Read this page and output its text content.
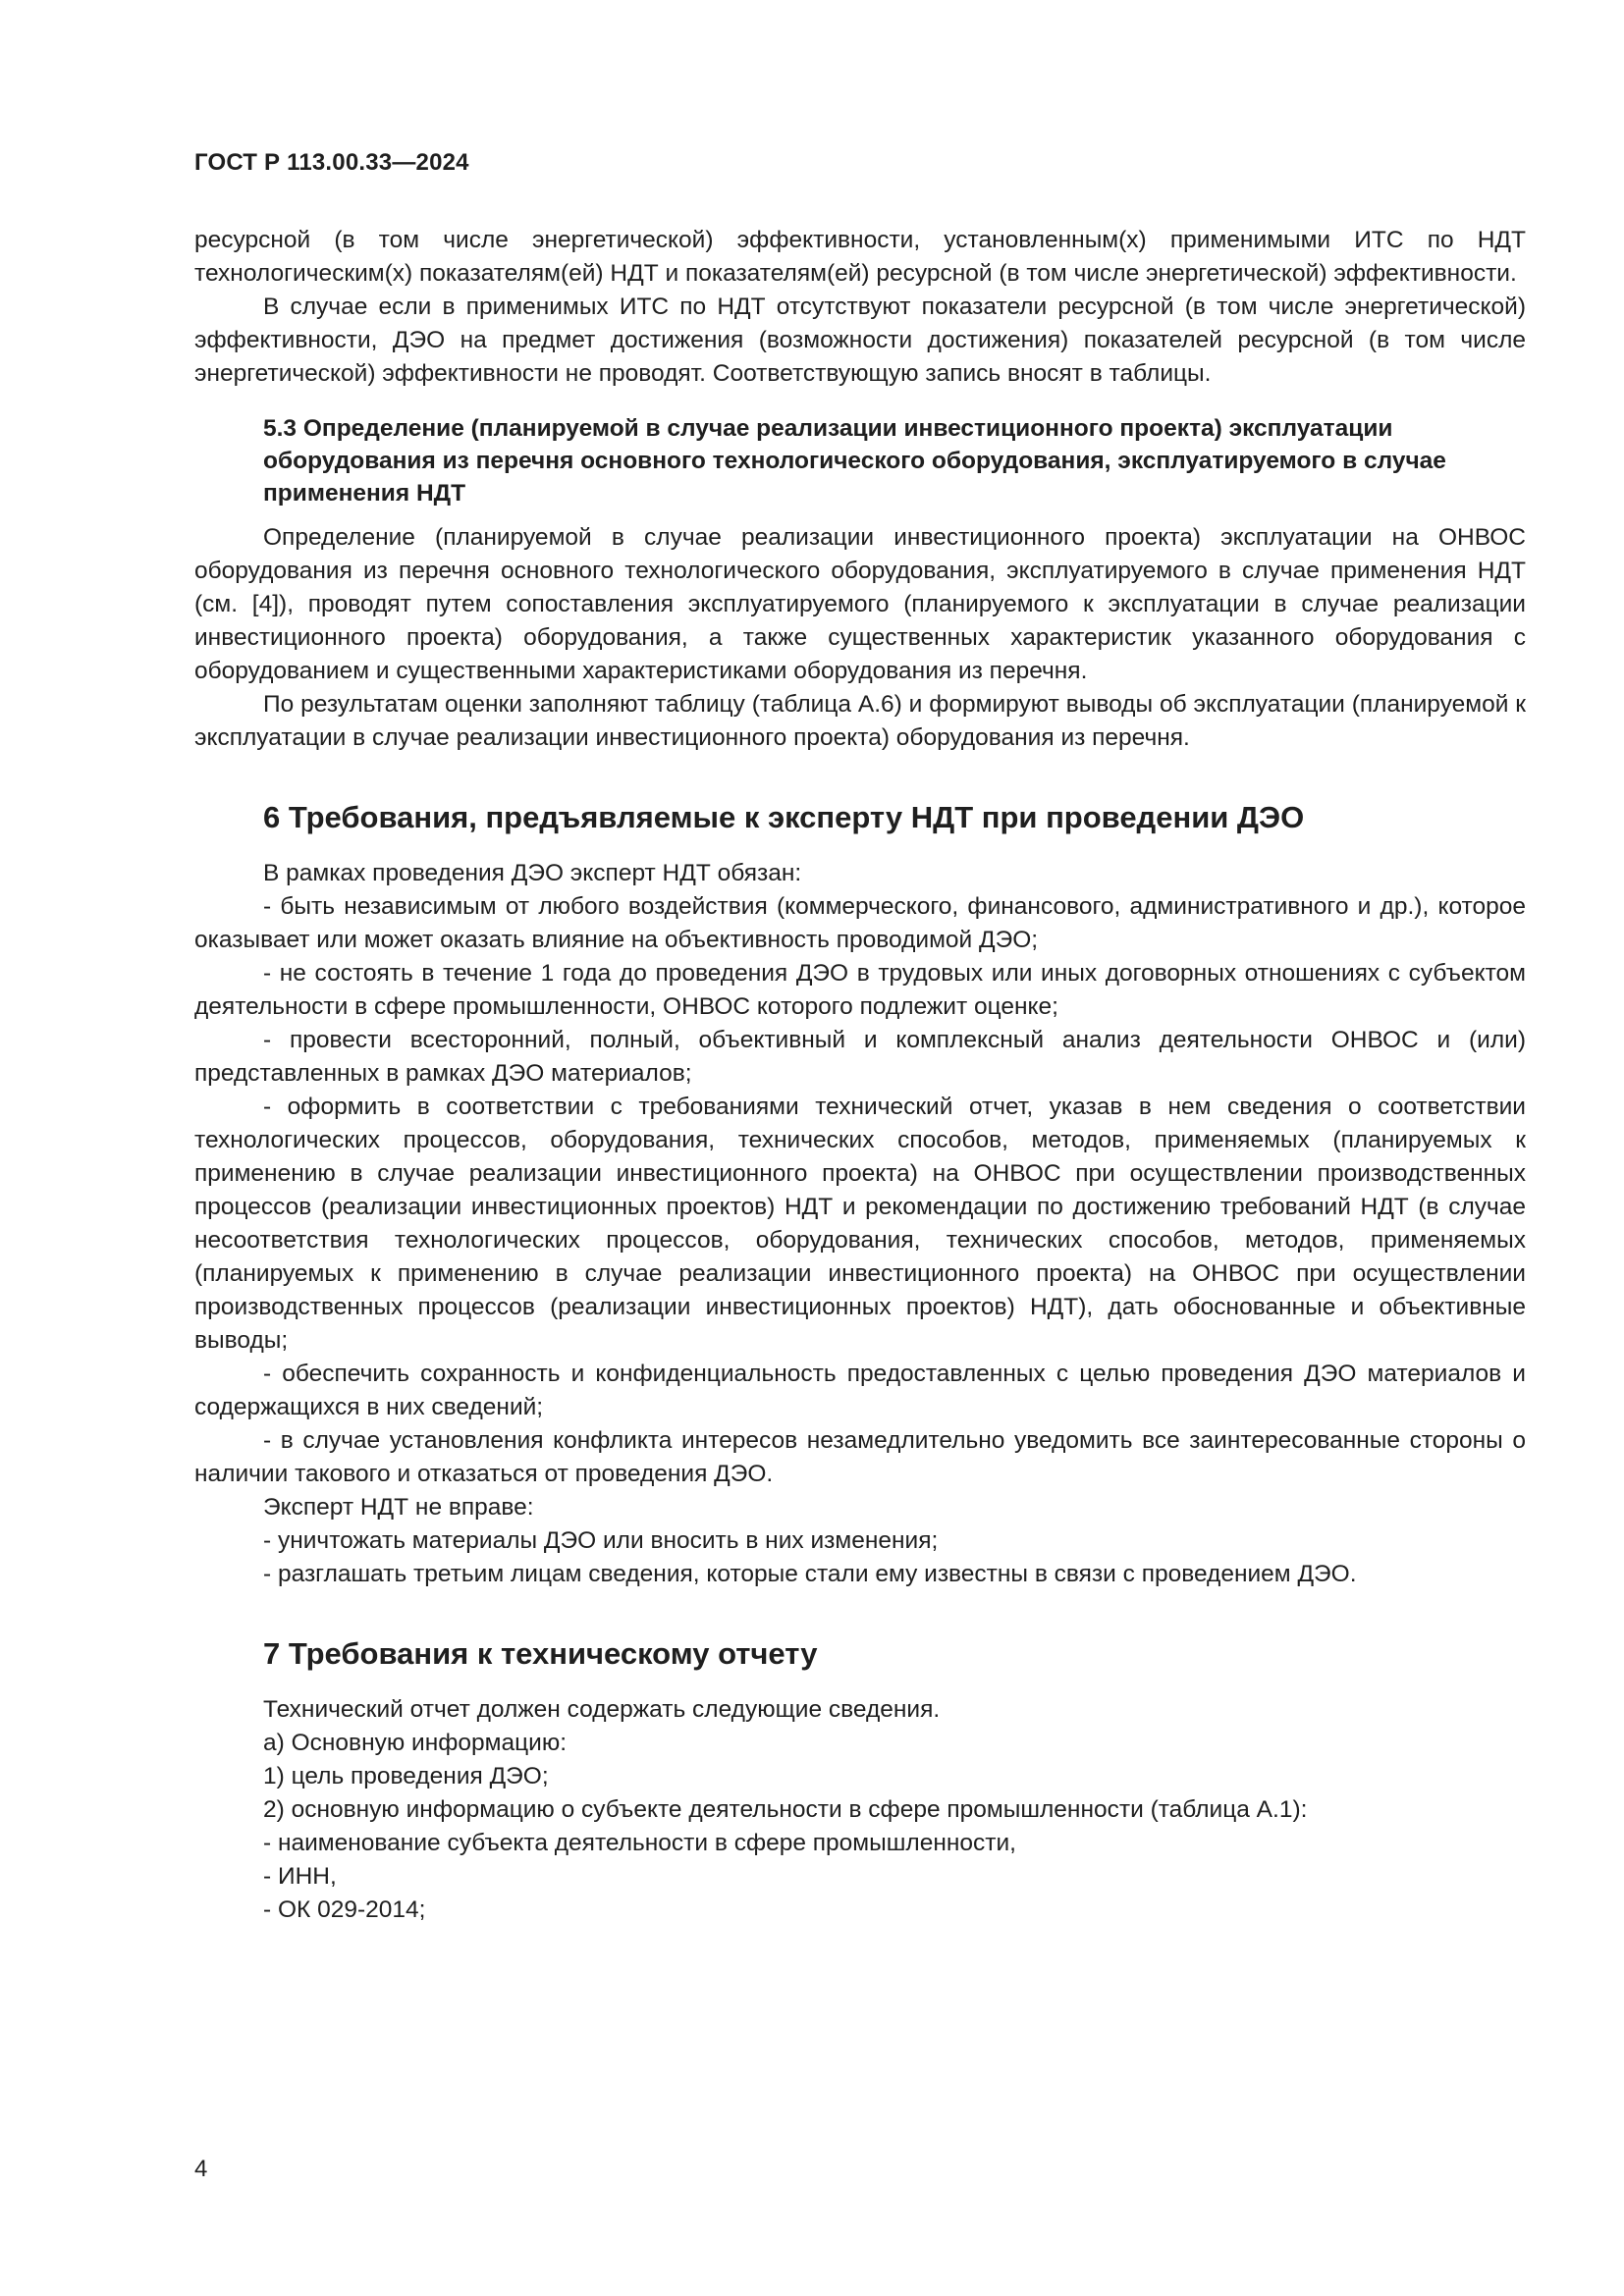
ГОСТ Р 113.00.33—2024

ресурсной (в том числе энергетической) эффективности, установленным(х) применимыми ИТС по НДТ технологическим(х) показателям(ей) НДТ и показателям(ей) ресурсной (в том числе энергетической) эффективности.

В случае если в применимых ИТС по НДТ отсутствуют показатели ресурсной (в том числе энергетической) эффективности, ДЭО на предмет достижения (возможности достижения) показателей ресурсной (в том числе энергетической) эффективности не проводят. Соответствующую запись вносят в таблицы.

5.3 Определение (планируемой в случае реализации инвестиционного проекта) эксплуатации оборудования из перечня основного технологического оборудования, эксплуатируемого в случае применения НДТ

Определение (планируемой в случае реализации инвестиционного проекта) эксплуатации на ОНВОС оборудования из перечня основного технологического оборудования, эксплуатируемого в случае применения НДТ (см. [4]), проводят путем сопоставления эксплуатируемого (планируемого к эксплуатации в случае реализации инвестиционного проекта) оборудования, а также существенных характеристик указанного оборудования с оборудованием и существенными характеристиками оборудования из перечня.

По результатам оценки заполняют таблицу (таблица А.6) и формируют выводы об эксплуатации (планируемой к эксплуатации в случае реализации инвестиционного проекта) оборудования из перечня.

6 Требования, предъявляемые к эксперту НДТ при проведении ДЭО

В рамках проведения ДЭО эксперт НДТ обязан:

- быть независимым от любого воздействия (коммерческого, финансового, административного и др.), которое оказывает или может оказать влияние на объективность проводимой ДЭО;

- не состоять в течение 1 года до проведения ДЭО в трудовых или иных договорных отношениях с субъектом деятельности в сфере промышленности, ОНВОС которого подлежит оценке;

- провести всесторонний, полный, объективный и комплексный анализ деятельности ОНВОС и (или) представленных в рамках ДЭО материалов;

- оформить в соответствии с требованиями технический отчет, указав в нем сведения о соответствии технологических процессов, оборудования, технических способов, методов, применяемых (планируемых к применению в случае реализации инвестиционного проекта) на ОНВОС при осуществлении производственных процессов (реализации инвестиционных проектов) НДТ и рекомендации по достижению требований НДТ (в случае несоответствия технологических процессов, оборудования, технических способов, методов, применяемых (планируемых к применению в случае реализации инвестиционного проекта) на ОНВОС при осуществлении производственных процессов (реализации инвестиционных проектов) НДТ), дать обоснованные и объективные выводы;

- обеспечить сохранность и конфиденциальность предоставленных с целью проведения ДЭО материалов и содержащихся в них сведений;

- в случае установления конфликта интересов незамедлительно уведомить все заинтересованные стороны о наличии такового и отказаться от проведения ДЭО.

Эксперт НДТ не вправе:

- уничтожать материалы ДЭО или вносить в них изменения;

- разглашать третьим лицам сведения, которые стали ему известны в связи с проведением ДЭО.

7 Требования к техническому отчету

Технический отчет должен содержать следующие сведения.

а) Основную информацию:

1) цель проведения ДЭО;

2) основную информацию о субъекте деятельности в сфере промышленности (таблица А.1):

- наименование субъекта деятельности в сфере промышленности,

- ИНН,

- ОК 029-2014;

4
